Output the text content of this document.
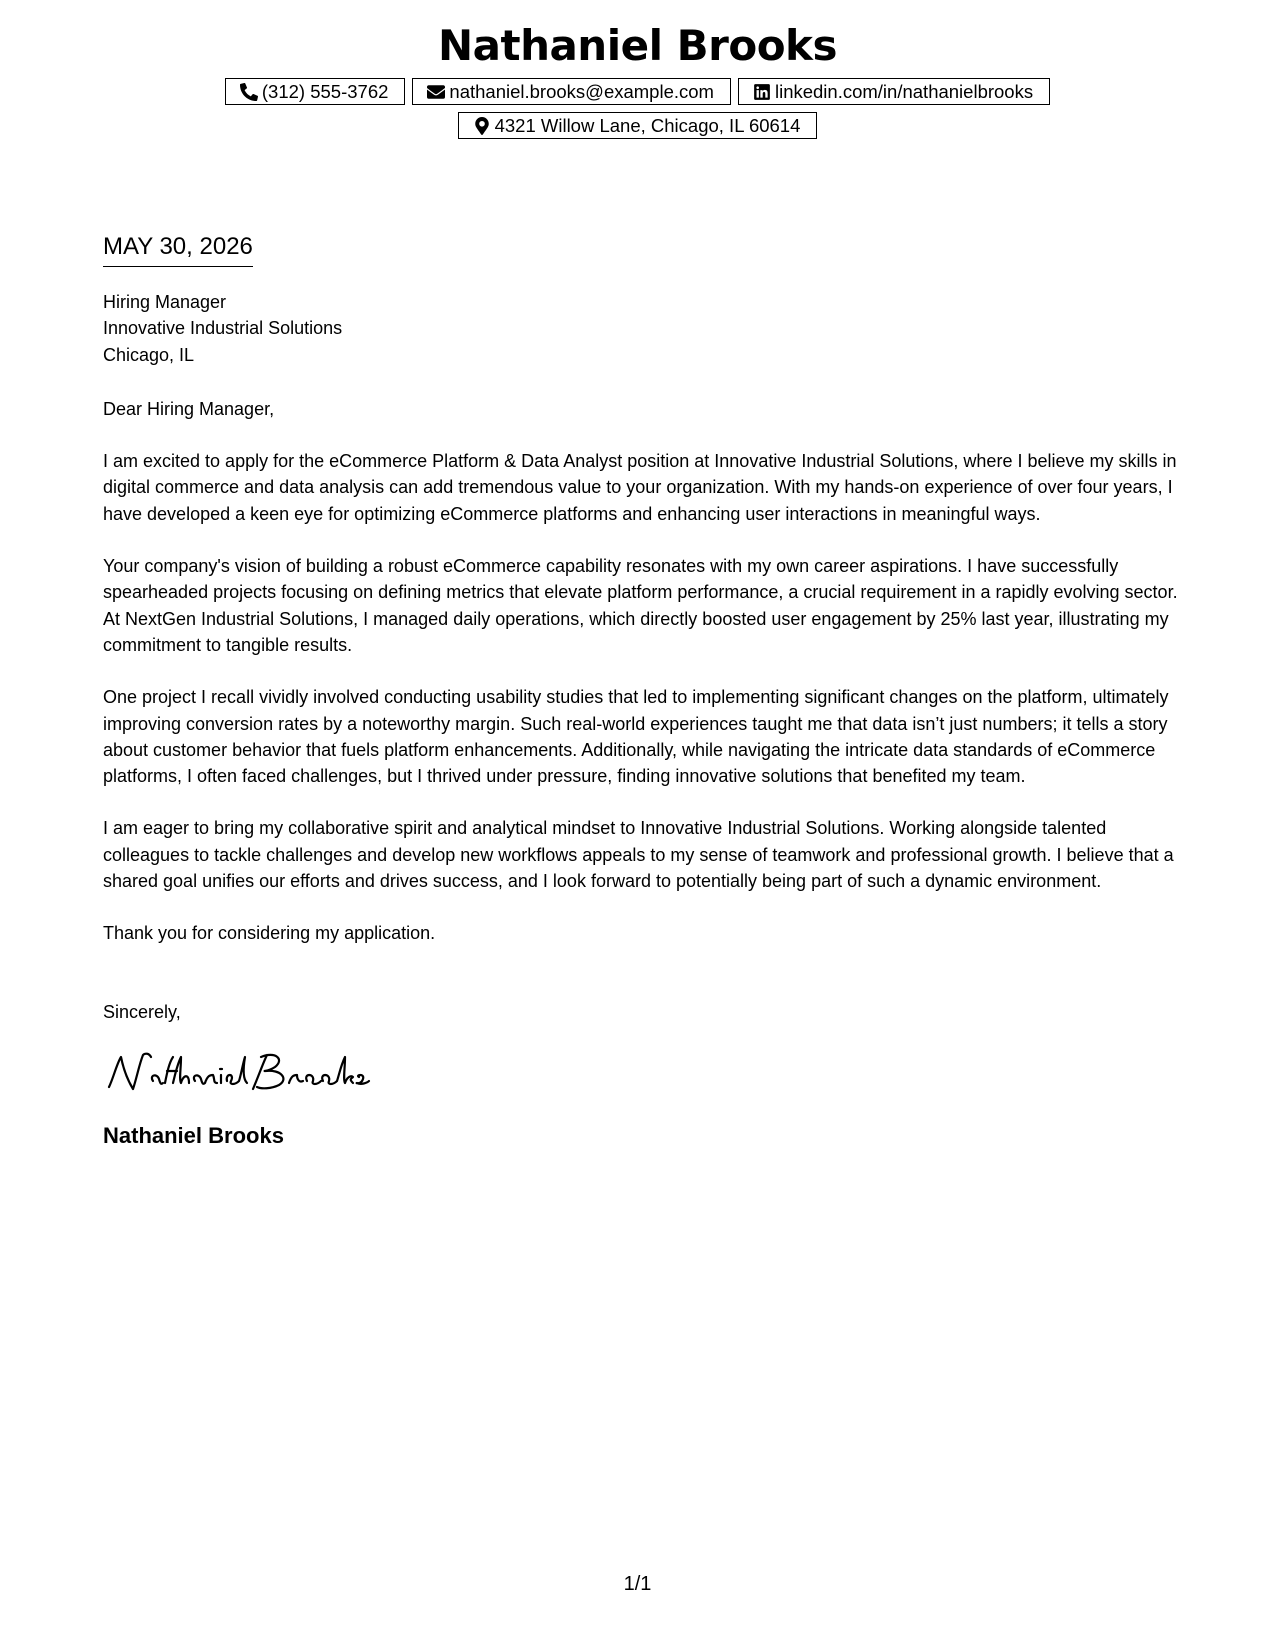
Nathaniel Brooks
(312) 555-3762	nathaniel.brooks@example.com	linkedin.com/in/nathanielbrooks
4321 Willow Lane, Chicago, IL 60614
MAY 30, 2026
Hiring Manager
Innovative Industrial Solutions
Chicago, IL
Dear Hiring Manager,

I am excited to apply for the eCommerce Platform & Data Analyst position at Innovative Industrial Solutions, where I believe my skills in digital commerce and data analysis can add tremendous value to your organization. With my hands-on experience of over four years, I have developed a keen eye for optimizing eCommerce platforms and enhancing user interactions in meaningful ways.

Your company's vision of building a robust eCommerce capability resonates with my own career aspirations. I have successfully spearheaded projects focusing on defining metrics that elevate platform performance, a crucial requirement in a rapidly evolving sector. At NextGen Industrial Solutions, I managed daily operations, which directly boosted user engagement by 25% last year, illustrating my commitment to tangible results.

One project I recall vividly involved conducting usability studies that led to implementing significant changes on the platform, ultimately improving conversion rates by a noteworthy margin. Such real-world experiences taught me that data isn’t just numbers; it tells a story about customer behavior that fuels platform enhancements. Additionally, while navigating the intricate data standards of eCommerce platforms, I often faced challenges, but I thrived under pressure, finding innovative solutions that benefited my team.

I am eager to bring my collaborative spirit and analytical mindset to Innovative Industrial Solutions. Working alongside talented colleagues to tackle challenges and develop new workflows appeals to my sense of teamwork and professional growth. I believe that a shared goal unifies our efforts and drives success, and I look forward to potentially being part of such a dynamic environment.

Thank you for considering my application.

Sincerely,
Nathaniel Brooks
1/1
